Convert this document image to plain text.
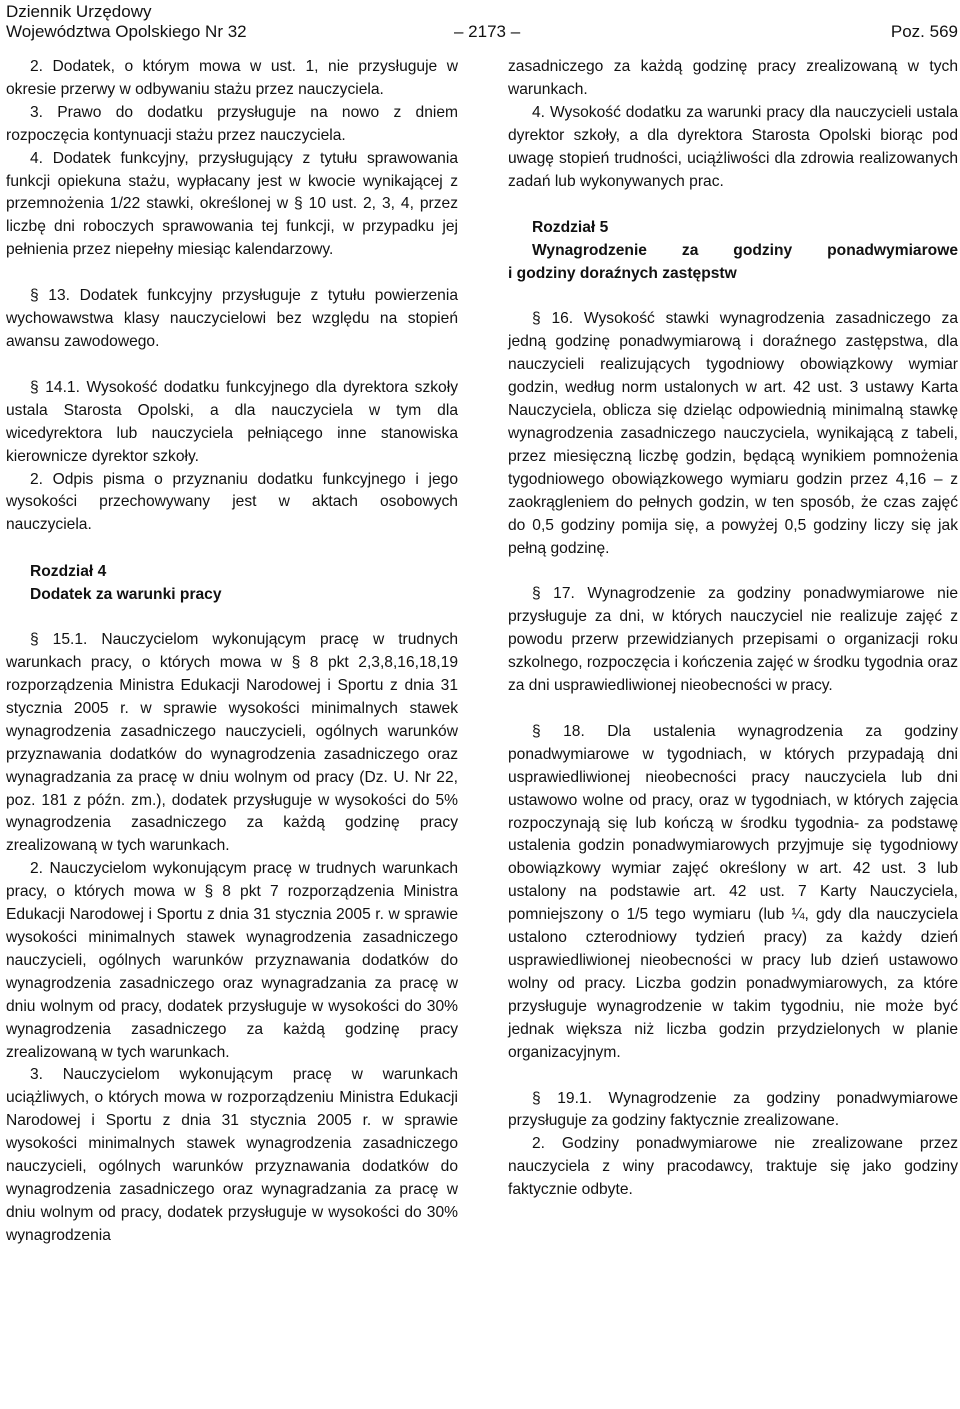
Dziennik Urzędowy
Województwa Opolskiego Nr 32	– 2173 –	Poz. 569

2. Dodatek, o którym mowa w ust. 1, nie przysługuje w okresie przerwy w odbywaniu stażu przez nauczyciela.

3. Prawo do dodatku przysługuje na nowo z dniem rozpoczęcia kontynuacji stażu przez nauczyciela.

4. Dodatek funkcyjny, przysługujący z tytułu sprawowania funkcji opiekuna stażu, wypłacany jest w kwocie wynikającej z przemnożenia 1/22 stawki, określonej w § 10 ust. 2, 3, 4, przez liczbę dni roboczych sprawowania tej funkcji, w przypadku jej pełnienia przez niepełny miesiąc kalendarzowy.

§ 13. Dodatek funkcyjny przysługuje z tytułu powierzenia wychowawstwa klasy nauczycielowi bez względu na stopień awansu zawodowego.

§ 14.1. Wysokość dodatku funkcyjnego dla dyrektora szkoły ustala Starosta Opolski, a dla nauczyciela w tym dla wicedyrektora lub nauczyciela pełniącego inne stanowiska kierownicze dyrektor szkoły.

2. Odpis pisma o przyznaniu dodatku funkcyjnego i jego wysokości przechowywany jest w aktach osobowych nauczyciela.

Rozdział 4
Dodatek za warunki pracy

§ 15.1. Nauczycielom wykonującym pracę w trudnych warunkach pracy, o których mowa w § 8 pkt 2,3,8,16,18,19 rozporządzenia Ministra Edukacji Narodowej i Sportu z dnia 31 stycznia 2005 r. w sprawie wysokości minimalnych stawek wynagrodzenia zasadniczego nauczycieli, ogólnych warunków przyznawania dodatków do wynagrodzenia zasadniczego oraz wynagradzania za pracę w dniu wolnym od pracy (Dz. U. Nr 22, poz. 181 z późn. zm.), dodatek przysługuje w wysokości do 5% wynagrodzenia zasadniczego za każdą godzinę pracy zrealizowaną w tych warunkach.

2. Nauczycielom wykonującym pracę w trudnych warunkach pracy, o których mowa w § 8 pkt 7 rozporządzenia Ministra Edukacji Narodowej i Sportu z dnia 31 stycznia 2005 r. w sprawie wysokości minimalnych stawek wynagrodzenia zasadniczego nauczycieli, ogólnych warunków przyznawania dodatków do wynagrodzenia zasadniczego oraz wynagradzania za pracę w dniu wolnym od pracy, dodatek przysługuje w wysokości do 30% wynagrodzenia zasadniczego za każdą godzinę pracy zrealizowaną w tych warunkach.

3. Nauczycielom wykonującym pracę w warunkach uciążliwych, o których mowa w rozporządzeniu Ministra Edukacji Narodowej i Sportu z dnia 31 stycznia 2005 r. w sprawie wysokości minimalnych stawek wynagrodzenia zasadniczego nauczycieli, ogólnych warunków przyznawania dodatków do wynagrodzenia zasadniczego oraz wynagradzania za pracę w dniu wolnym od pracy, dodatek przysługuje w wysokości do 30% wynagrodzenia

zasadniczego za każdą godzinę pracy zrealizowaną w tych warunkach.

4. Wysokość dodatku za warunki pracy dla nauczycieli ustala dyrektor szkoły, a dla dyrektora Starosta Opolski biorąc pod uwagę stopień trudności, uciążliwości dla zdrowia realizowanych zadań lub wykonywanych prac.

Rozdział 5
Wynagrodzenie za godziny ponadwymiarowe
i godziny doraźnych zastępstw

§ 16. Wysokość stawki wynagrodzenia zasadniczego za jedną godzinę ponadwymiarową i doraźnego zastępstwa, dla nauczycieli realizujących tygodniowy obowiązkowy wymiar godzin, według norm ustalonych w art. 42 ust. 3 ustawy Karta Nauczyciela, oblicza się dzieląc odpowiednią minimalną stawkę wynagrodzenia zasadniczego nauczyciela, wynikającą z tabeli, przez miesięczną liczbę godzin, będącą wynikiem pomnożenia tygodniowego obowiązkowego wymiaru godzin przez 4,16 – z zaokrągleniem do pełnych godzin, w ten sposób, że czas zajęć do 0,5 godziny pomija się, a powyżej 0,5 godziny liczy się jak pełną godzinę.

§ 17. Wynagrodzenie za godziny ponadwymiarowe nie przysługuje za dni, w których nauczyciel nie realizuje zajęć z powodu przerw przewidzianych przepisami o organizacji roku szkolnego, rozpoczęcia i kończenia zajęć w środku tygodnia oraz za dni usprawiedliwionej nieobecności w pracy.

§ 18. Dla ustalenia wynagrodzenia za godziny ponadwymiarowe w tygodniach, w których przypadają dni usprawiedliwionej nieobecności pracy nauczyciela lub dni ustawowo wolne od pracy, oraz w tygodniach, w których zajęcia rozpoczynają się lub kończą w środku tygodnia- za podstawę ustalenia godzin ponadwymiarowych przyjmuje się tygodniowy obowiązkowy wymiar zajęć określony w art. 42 ust. 3 lub ustalony na podstawie art. 42 ust. 7 Karty Nauczyciela, pomniejszony o 1/5 tego wymiaru (lub ¼, gdy dla nauczyciela ustalono czterodniowy tydzień pracy) za każdy dzień usprawiedliwionej nieobecności w pracy lub dzień ustawowo wolny od pracy. Liczba godzin ponadwymiarowych, za które przysługuje wynagrodzenie w takim tygodniu, nie może być jednak większa niż liczba godzin przydzielonych w planie organizacyjnym.

§ 19.1. Wynagrodzenie za godziny ponadwymiarowe przysługuje za godziny faktycznie zrealizowane.

2. Godziny ponadwymiarowe nie zrealizowane przez nauczyciela z winy pracodawcy, traktuje się jako godziny faktycznie odbyte.
